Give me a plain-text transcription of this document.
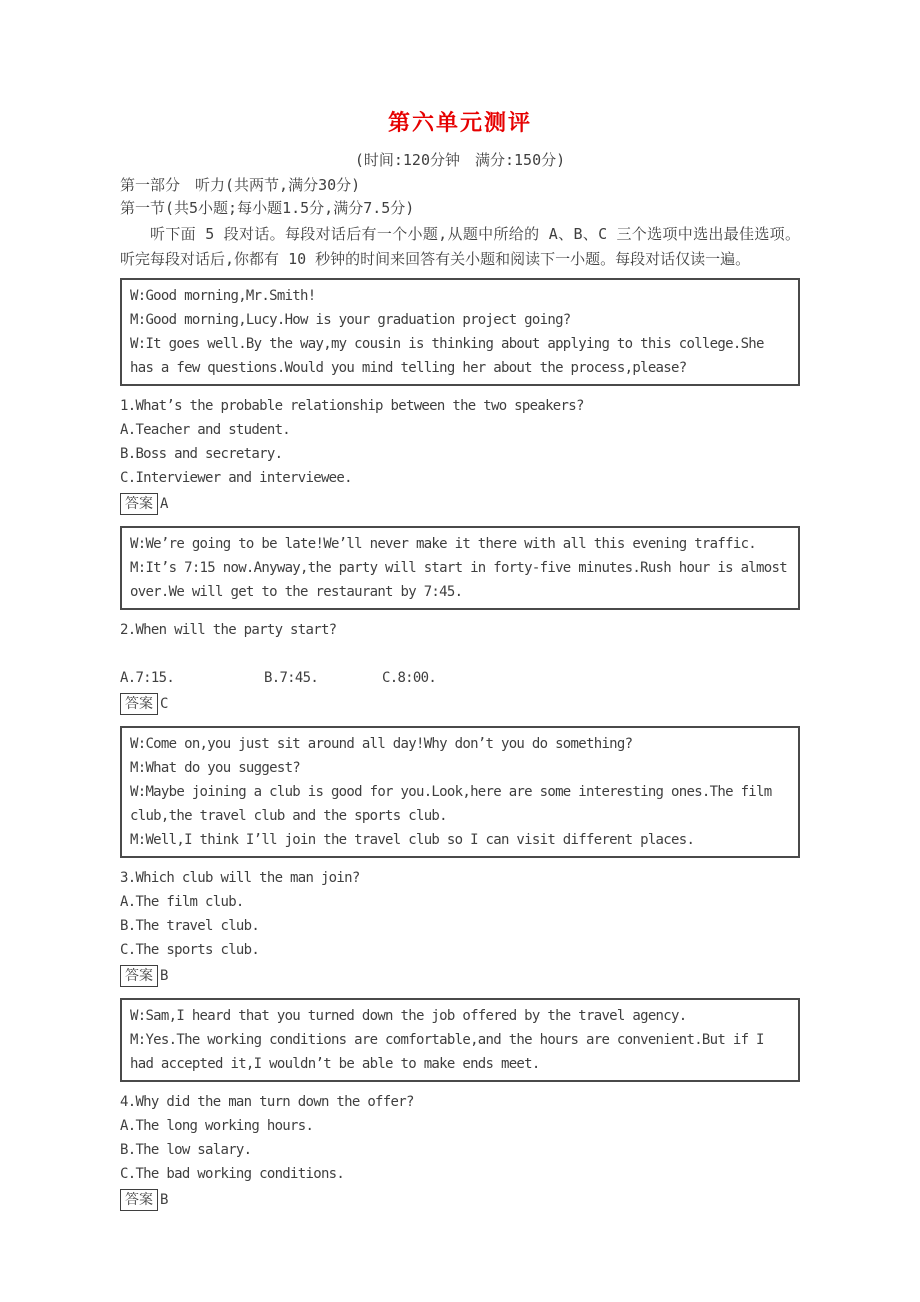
第六单元测评

(时间:120分钟　满分:150分)

第一部分　听力(共两节,满分30分)

第一节(共5小题;每小题1.5分,满分7.5分)

听下面 5 段对话。每段对话后有一个小题,从题中所给的 A、B、C 三个选项中选出最佳选项。听完每段对话后,你都有 10 秒钟的时间来回答有关小题和阅读下一小题。每段对话仅读一遍。

W:Good morning,Mr.Smith!

M:Good morning,Lucy.How is your graduation project going?

W:It goes well.By the way,my cousin is thinking about applying to this college.She has a few questions.Would you mind telling her about the process,please?

1.What’s the probable relationship between the two speakers?

A.Teacher and student.

B.Boss and secretary.

C.Interviewer and interviewee.

答案 A

W:We’re going to be late!We’ll never make it there with all this evening traffic.

M:It’s 7:15 now.Anyway,the party will start in forty-five minutes.Rush hour is almost over.We will get to the restaurant by 7:45.

2.When will the party start?

A.7:15.	B.7:45.	C.8:00.

答案 C

W:Come on,you just sit around all day!Why don’t you do something?

M:What do you suggest?

W:Maybe joining a club is good for you.Look,here are some interesting ones.The film club,the travel club and the sports club.

M:Well,I think I’ll join the travel club so I can visit different places.

3.Which club will the man join?

A.The film club.

B.The travel club.

C.The sports club.

答案 B

W:Sam,I heard that you turned down the job offered by the travel agency.

M:Yes.The working conditions are comfortable,and the hours are convenient.But if I had accepted it,I wouldn’t be able to make ends meet.

4.Why did the man turn down the offer?

A.The long working hours.

B.The low salary.

C.The bad working conditions.

答案 B
